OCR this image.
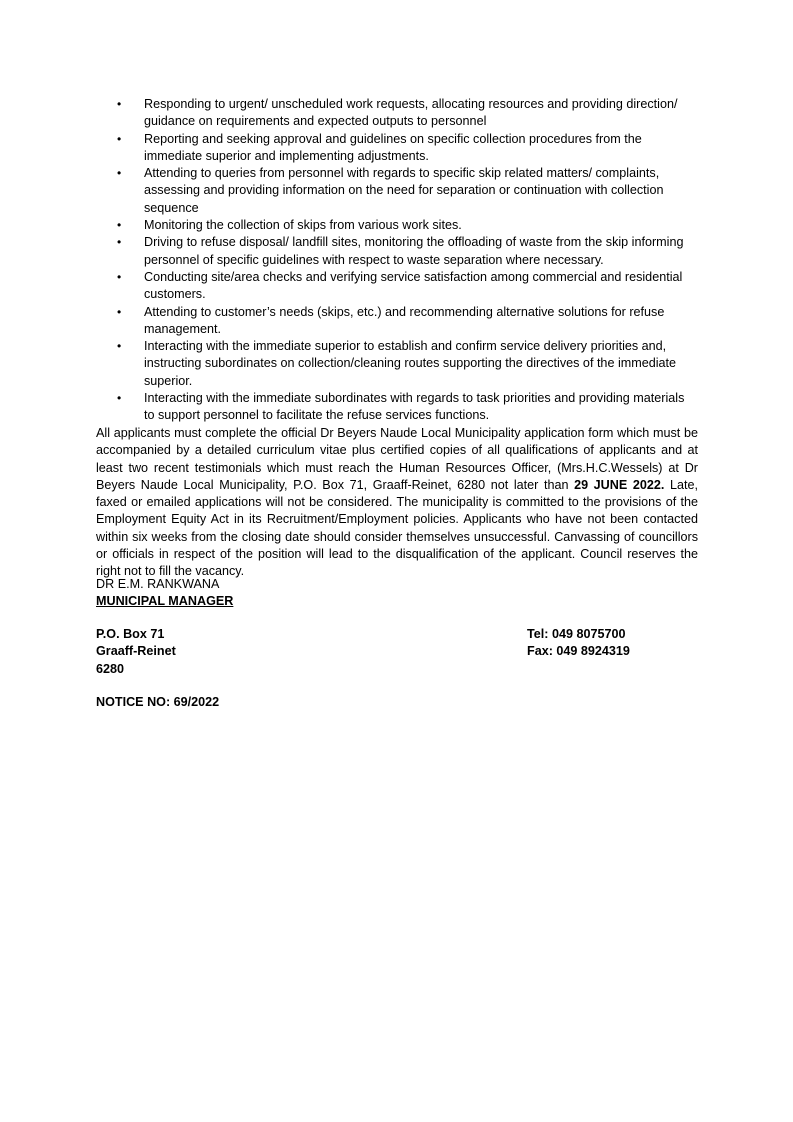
• Responding to urgent/ unscheduled work requests, allocating resources and providing direction/ guidance on requirements and expected outputs to personnel
• Reporting and seeking approval and guidelines on specific collection procedures from the immediate superior and implementing adjustments.
• Attending to queries from personnel with regards to specific skip related matters/ complaints, assessing and providing information on the need for separation or continuation with collection sequence
• Monitoring the collection of skips from various work sites.
• Driving to refuse disposal/ landfill sites, monitoring the offloading of waste from the skip informing personnel of specific guidelines with respect to waste separation where necessary.
• Conducting site/area checks and verifying service satisfaction among commercial and residential customers.
• Attending to customer’s needs (skips, etc.) and recommending alternative solutions for refuse management.
• Interacting with the immediate superior to establish and confirm service delivery priorities and, instructing subordinates on collection/cleaning routes supporting the directives of the immediate superior.
• Interacting with the immediate subordinates with regards to task priorities and providing materials to support personnel to facilitate the refuse services functions.

All applicants must complete the official Dr Beyers Naude Local Municipality application form which must be accompanied by a detailed curriculum vitae plus certified copies of all qualifications of applicants and at least two recent testimonials which must reach the Human Resources Officer, (Mrs.H.C.Wessels) at Dr Beyers Naude Local Municipality, P.O. Box 71, Graaff-Reinet, 6280 not later than 29 JUNE 2022. Late, faxed or emailed applications will not be considered. The municipality is committed to the provisions of the Employment Equity Act in its Recruitment/Employment policies. Applicants who have not been contacted within six weeks from the closing date should consider themselves unsuccessful. Canvassing of councillors or officials in respect of the position will lead to the disqualification of the applicant. Council reserves the right not to fill the vacancy.

DR E.M. RANKWANA
MUNICIPAL MANAGER
P.O. Box 71
Graaff-Reinet
6280
Tel: 049 8075700
Fax: 049 8924319
NOTICE NO: 69/2022
